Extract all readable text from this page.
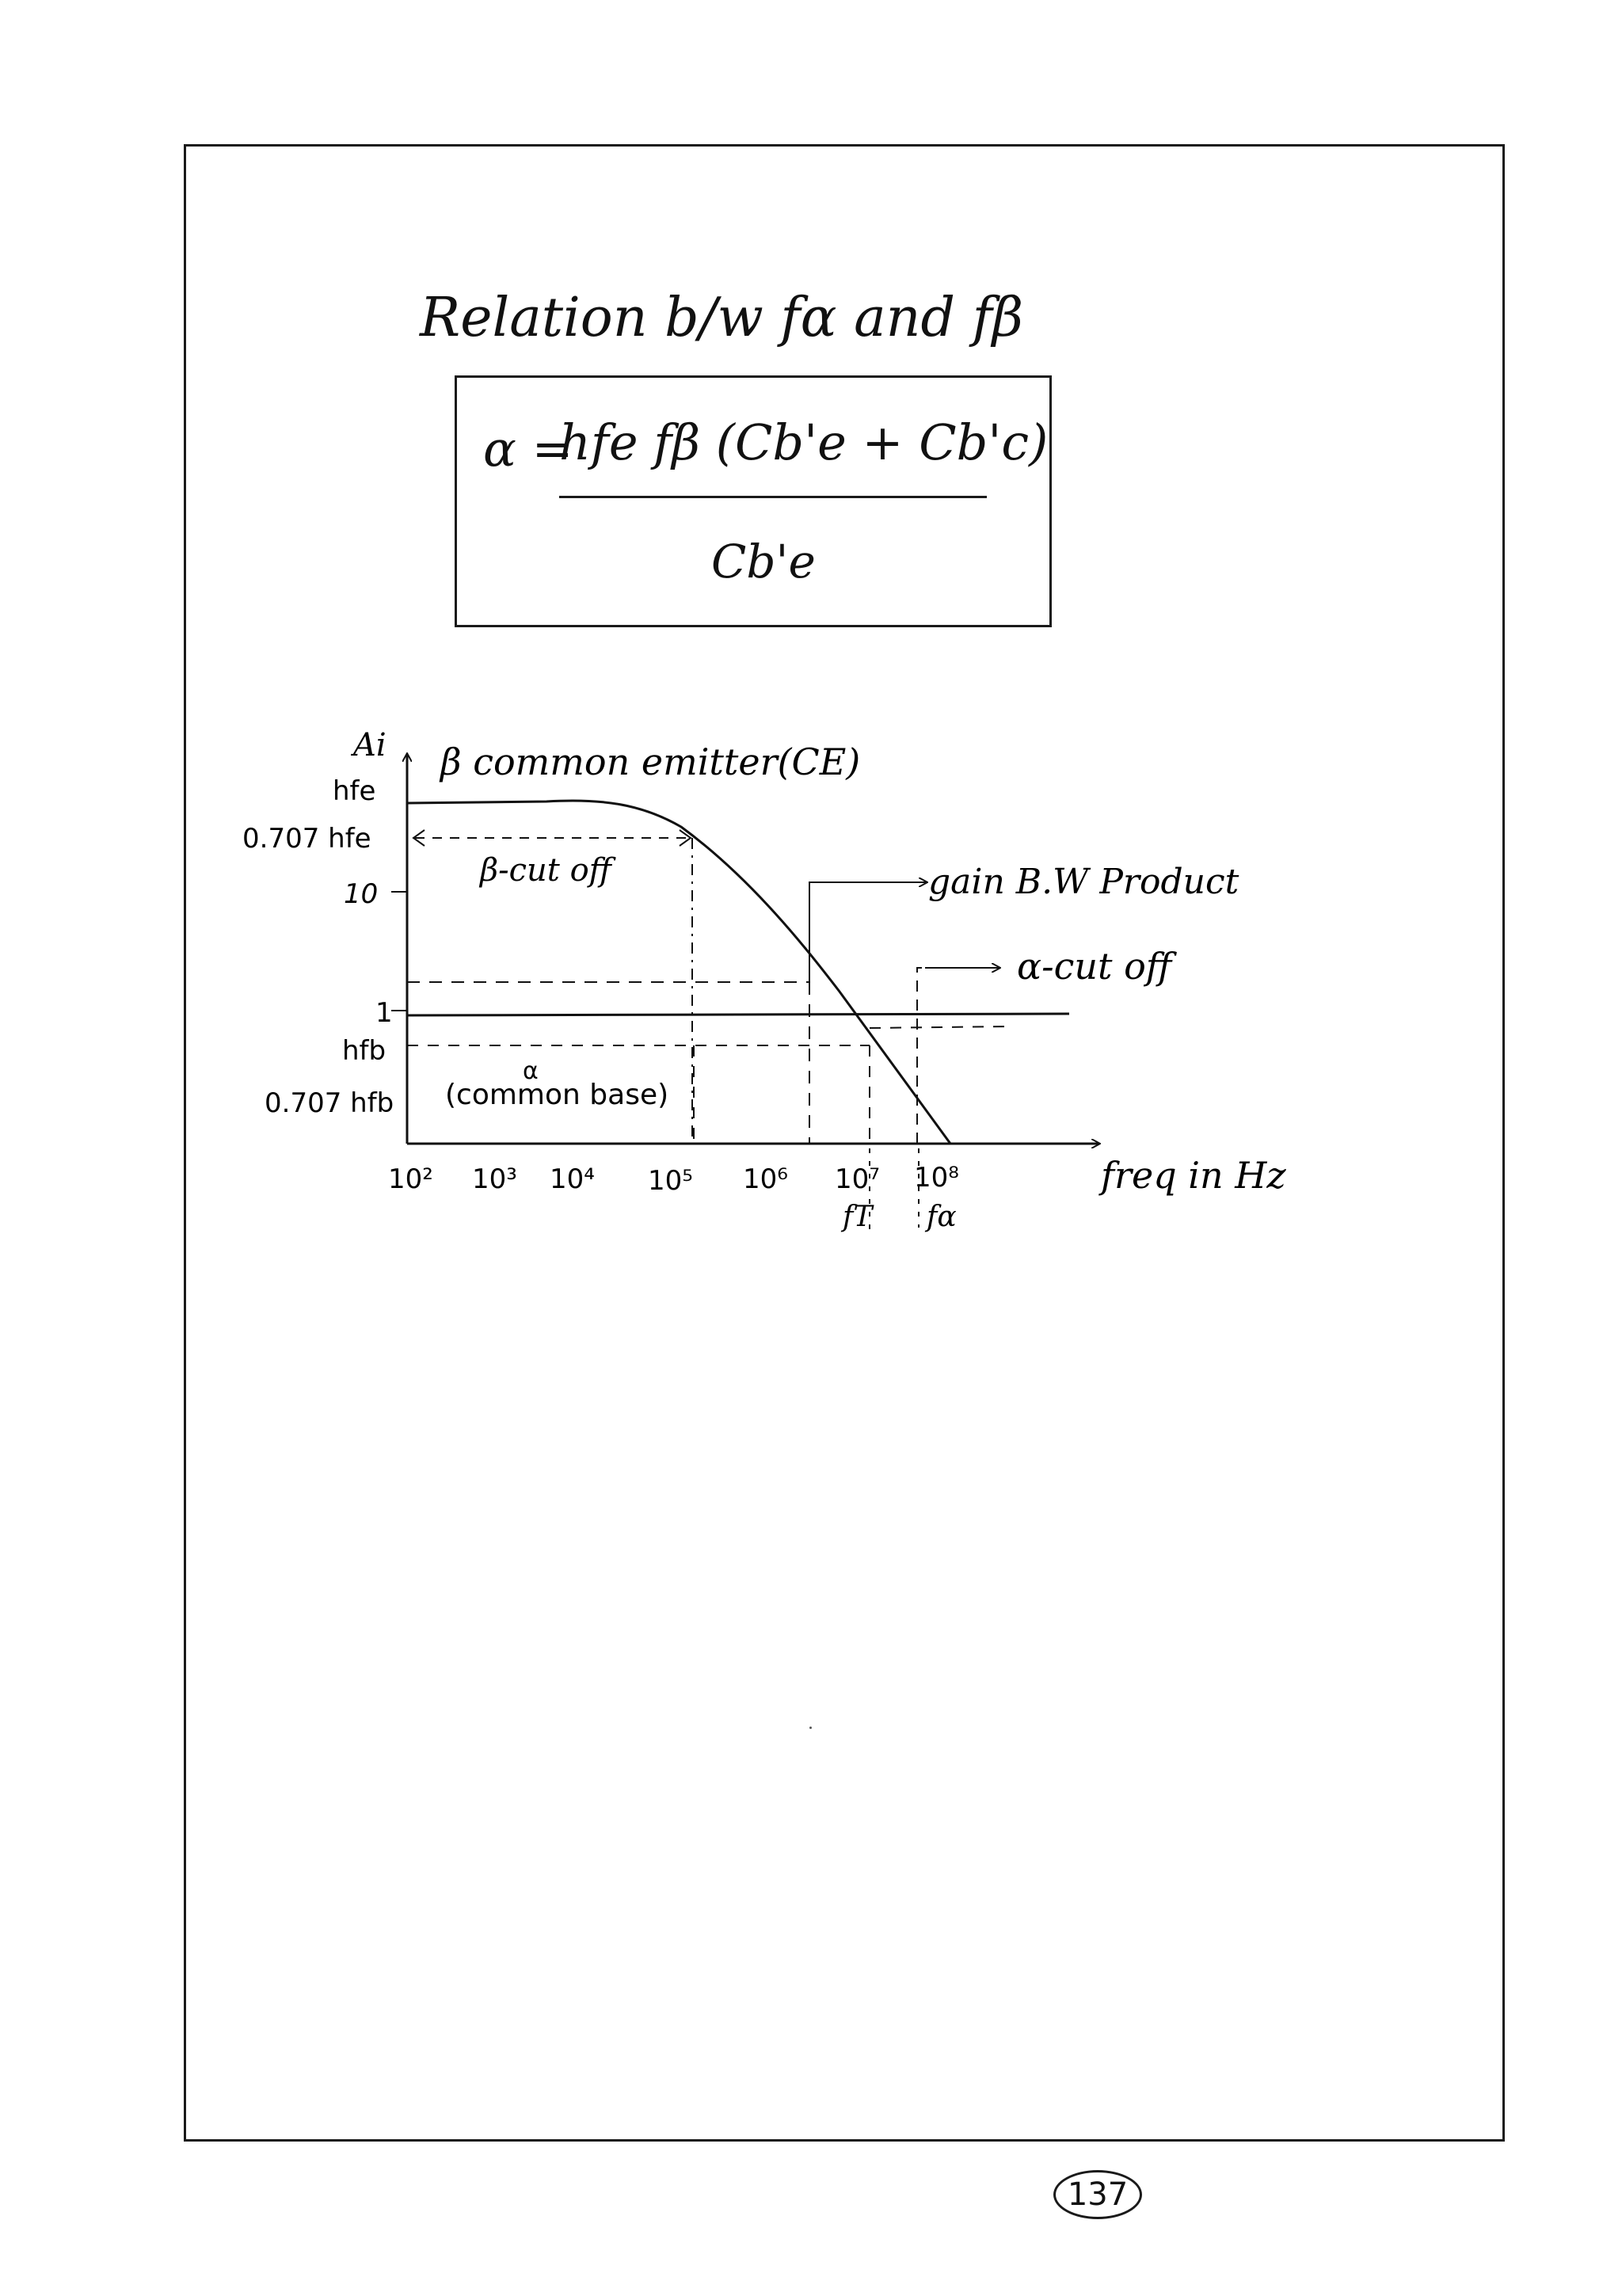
Relation b/w fα and fβ
α =
hfe fβ (Cb'e + Cb'c)
Cb'e
Ai
hfe
0.707 hfe
10
1
hfb
0.707 hfb
β common emitter(CE)
β-cut off	gain B.W Product
α-cut off
α
(common base)
10² 10³ 10⁴ 10⁵ 10⁶ 10⁷ 10⁸
fT fα
freq in Hz
137
